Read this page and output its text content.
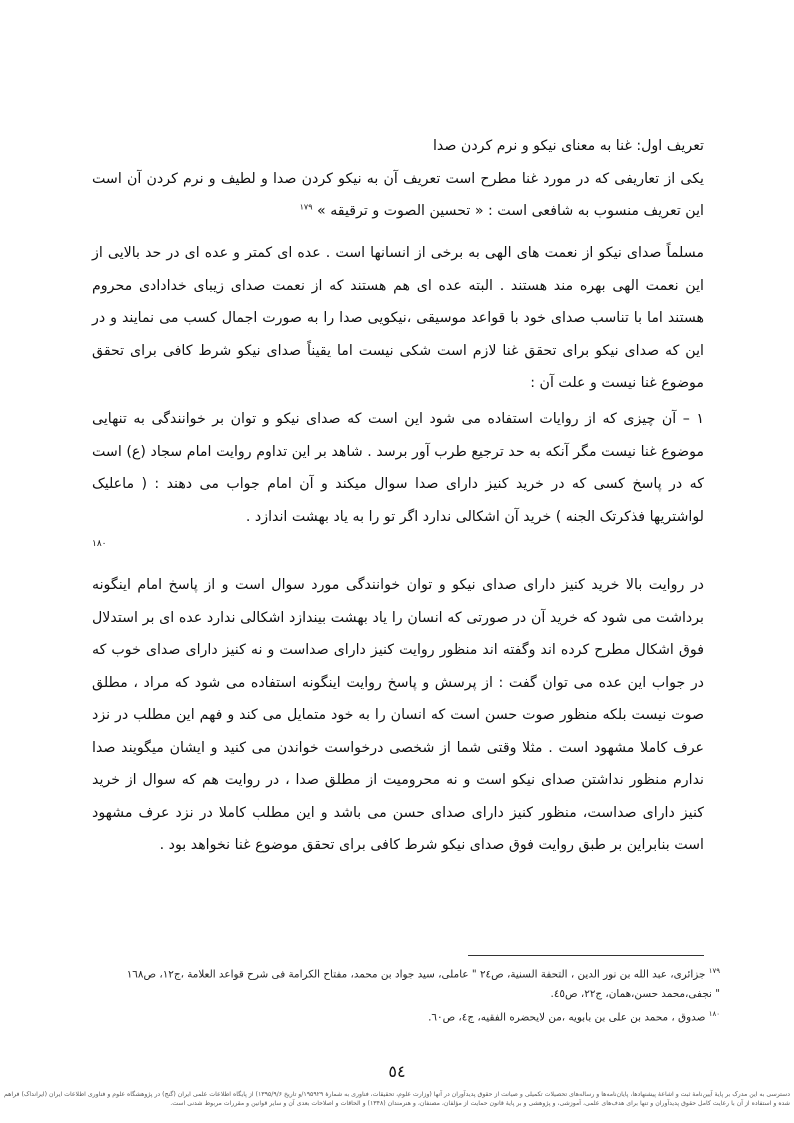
تعریف اول: غنا به معنای نیکو و نرم کردن صدا

یکی از تعاریفی که در مورد غنا مطرح است تعریف آن به نیکو کردن صدا و لطیف و نرم کردن آن است این تعریف منسوب به شافعی است : « تحسین الصوت و ترقیقه » $^{۱۷۹}$

مسلماً صدای نیکو از نعمت های الهی به برخی از انسانها است . عده ای کمتر و عده ای در حد بالایی از این نعمت الهی بهره مند هستند . البته عده ای هم هستند که از نعمت صدای زیبای خدادادی محروم هستند اما با تناسب صدای خود با قواعد موسیقی ،نیکویی صدا را به صورت اجمال کسب می نمایند و در این که صدای نیکو برای تحقق غنا لازم است شکی نیست اما یقیناً صدای نیکو شرط کافی برای تحقق موضوع غنا نیست و علت آن :

۱ – آن چیزی که از روایات استفاده می شود این است که صدای نیکو و توان بر خوانندگی به تنهایی موضوع غنا نیست مگر آنکه به حد ترجیع طرب آور برسد . شاهد بر این تداوم روایت امام سجاد (ع) است که در پاسخ کسی که در خرید کنیز دارای صدا سوال میکند و آن امام جواب می دهند : ( ماعلیک لواشتریها فذکرتک الجنه ) خرید آن اشکالی ندارد اگر تو را به یاد بهشت اندازد .

۱۸۰

در روایت بالا خرید کنیز دارای صدای نیکو و توان خوانندگی مورد سوال است و از پاسخ امام اینگونه برداشت می شود که خرید آن در صورتی که انسان را یاد بهشت بیندازد اشکالی ندارد عده ای بر استدلال فوق اشکال مطرح کرده اند وگفته اند منظور روایت کنیز دارای صداست و نه کنیز دارای صدای خوب که در جواب این عده می توان گفت : از پرسش و پاسخ روایت اینگونه استفاده می شود که مراد ، مطلق صوت نیست بلکه منظور صوت حسن است که انسان را به خود متمایل می کند و فهم این مطلب در نزد عرف کاملا مشهود است . مثلا وقتی شما از شخصی درخواست خواندن می کنید و ایشان میگویند صدا ندارم منظور نداشتن صدای نیکو است و نه محرومیت از مطلق صدا ، در روایت هم که سوال از خرید کنیز دارای صداست، منظور کنیز دارای صدای حسن می باشد و این مطلب کاملا در نزد عرف مشهود است بنابراین بر طبق روایت فوق صدای نیکو شرط کافی برای تحقق موضوع غنا نخواهد بود .

$^{۱۷۹}$ جزائری، عبد الله بن نور الدین ، التحفة السنیة، ص۲٤ " عاملی، سید جواد بن محمد، مفتاح الکرامة فی شرح قواعد العلامة ،ج۱۲، ص۱٦۸

" نجفی،محمد حسن،همان، ج۲۲، ص٤٥.

$^{۱۸۰}$ صدوق ، محمد بن علی بن بابویه ،من لایحضره الفقیه، ج٤، ص٦٠.

٥٤
دسترسی به این مدرک بر پایهٔ آیین‌نامهٔ ثبت و اشاعهٔ پیشنهادها، پایان‌نامه‌ها و رساله‌های تحصیلات تکمیلی و صیانت از حقوق پدیدآوران در آنها (وزارت علوم، تحقیقات، فناوری به شمارهٔ ۱۹۵۹۲۹/و تاریخ ۱۳۹۵/۹/۶) از پایگاه اطلاعات علمی ایران (گنج) در پژوهشگاه علوم و فناوری اطلاعات ایران (ایرانداک) فراهم شده و استفاده از آن با رعایت کامل حقوق پدیدآوران و تنها برای هدف‌های علمی، آموزشی، و پژوهشی و بر پایهٔ قانون حمایت از مؤلفان، مصنفان، و هنرمندان (۱۳۴۸) و الحاقات و اصلاحات بعدی آن و سایر قوانین و مقررات مربوط شدنی است.
